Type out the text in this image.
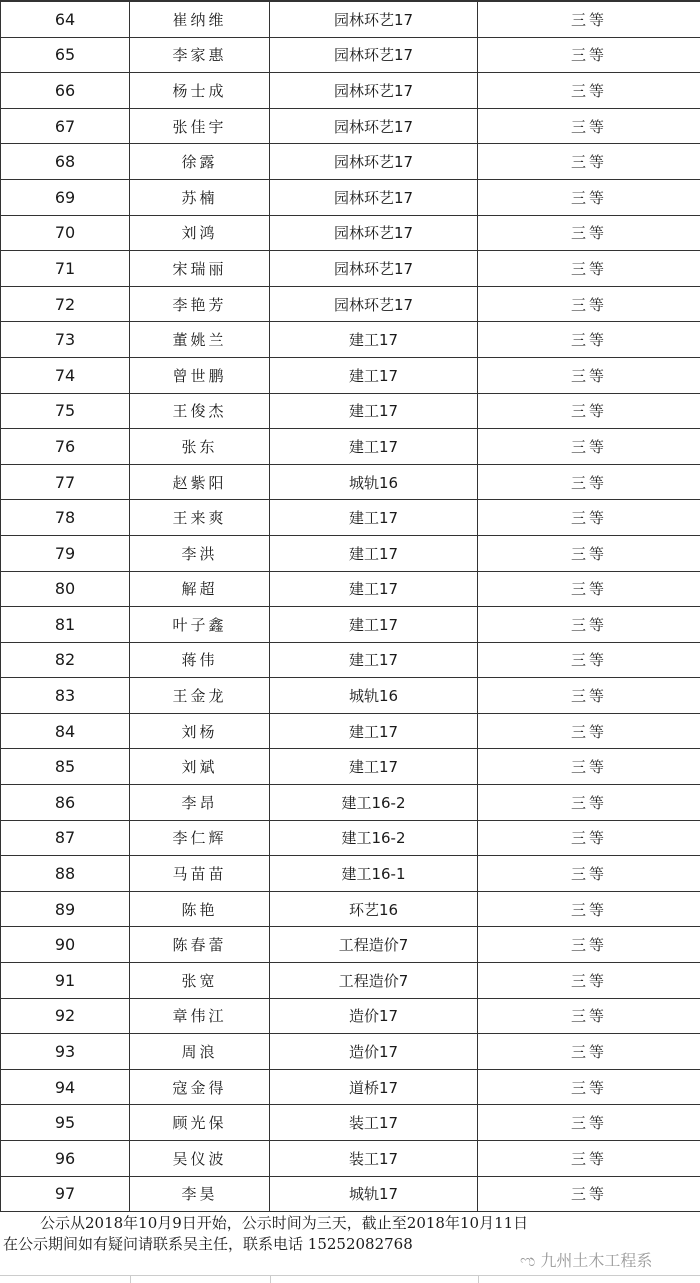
64	崔纳维	园林环艺17	三等
65	李家惠	园林环艺17	三等
66	杨士成	园林环艺17	三等
67	张佳宇	园林环艺17	三等
68	徐露	园林环艺17	三等
69	苏楠	园林环艺17	三等
70	刘鸿	园林环艺17	三等
71	宋瑞丽	园林环艺17	三等
72	李艳芳	园林环艺17	三等
73	董姚兰	建工17	三等
74	曾世鹏	建工17	三等
75	王俊杰	建工17	三等
76	张东	建工17	三等
77	赵紫阳	城轨16	三等
78	王来爽	建工17	三等
79	李洪	建工17	三等
80	解超	建工17	三等
81	叶子鑫	建工17	三等
82	蒋伟	建工17	三等
83	王金龙	城轨16	三等
84	刘杨	建工17	三等
85	刘斌	建工17	三等
86	李昂	建工16-2	三等
87	李仁辉	建工16-2	三等
88	马苗苗	建工16-1	三等
89	陈艳	环艺16	三等
90	陈春蕾	工程造价7	三等
91	张宽	工程造价7	三等
92	章伟江	造价17	三等
93	周浪	造价17	三等
94	寇金得	道桥17	三等
95	顾光保	装工17	三等
96	吴仪波	装工17	三等
97	李昊	城轨17	三等
公示从2018年10月9日开始，公示时间为三天，截止至2018年10月11日
在公示期间如有疑问请联系吴主任，联系电话 15252082768
ಌ 九州土木工程系
